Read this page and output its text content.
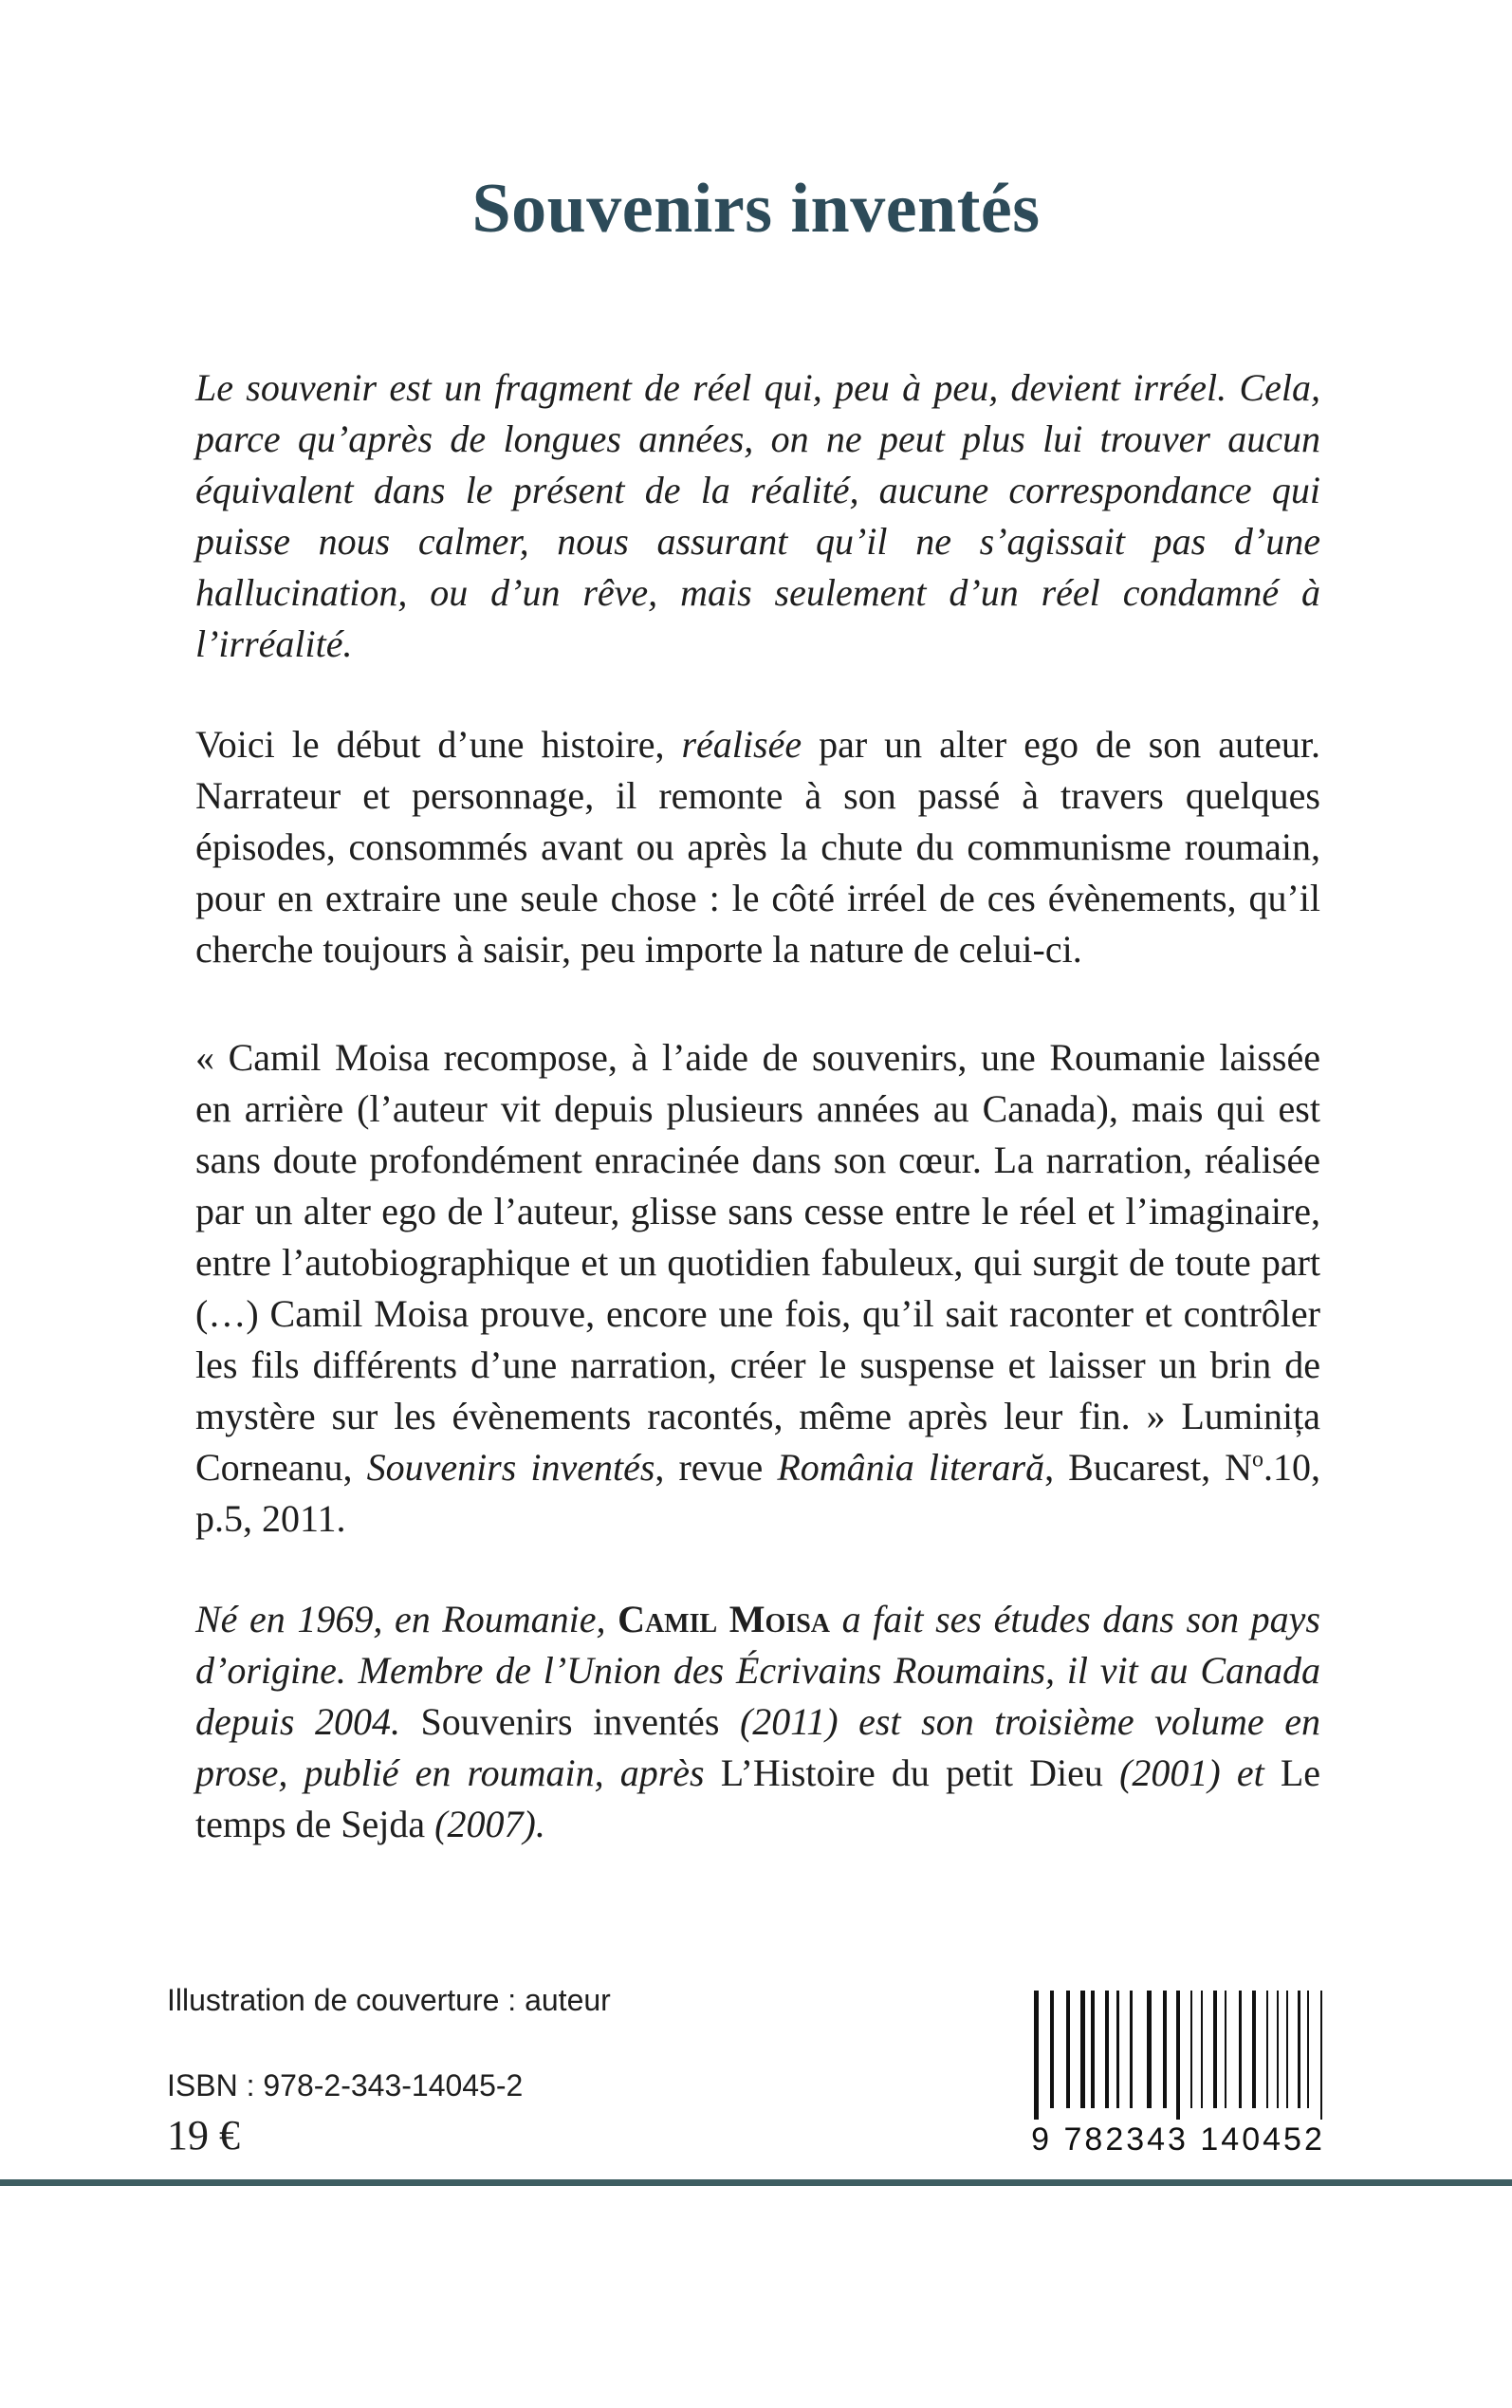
Souvenirs inventés

Le souvenir est un fragment de réel qui, peu à peu, devient irréel. Cela, parce qu’après de longues années, on ne peut plus lui trouver aucun équivalent dans le présent de la réalité, aucune correspondance qui puisse nous calmer, nous assurant qu’il ne s’agissait pas d’une hallucination, ou d’un rêve, mais seulement d’un réel condamné à l’irréalité.

Voici le début d’une histoire, réalisée par un alter ego de son auteur. Narrateur et personnage, il remonte à son passé à travers quelques épisodes, consommés avant ou après la chute du communisme roumain, pour en extraire une seule chose : le côté irréel de ces évènements, qu’il cherche toujours à saisir, peu importe la nature de celui-ci.

« Camil Moisa recompose, à l’aide de souvenirs, une Roumanie laissée en arrière (l’auteur vit depuis plusieurs années au Canada), mais qui est sans doute profondément enracinée dans son cœur. La narration, réalisée par un alter ego de l’auteur, glisse sans cesse entre le réel et l’imaginaire, entre l’autobiographique et un quotidien fabuleux, qui surgit de toute part (…) Camil Moisa prouve, encore une fois, qu’il sait raconter et contrôler les fils différents d’une narration, créer le suspense et laisser un brin de mystère sur les évènements racontés, même après leur fin. » Luminița Corneanu, Souvenirs inventés, revue România literară, Bucarest, $N^o.10$, p.5, 2011.

Né en 1969, en Roumanie, Camil Moisa a fait ses études dans son pays d’origine. Membre de l’Union des Écrivains Roumains, il vit au Canada depuis 2004. Souvenirs inventés (2011) est son troisième volume en prose, publié en roumain, après L’Histoire du petit Dieu (2001) et Le temps de Sejda (2007).

Illustration de couverture : auteur

ISBN : 978-2-343-14045-2

19 €	9 782343 140452
